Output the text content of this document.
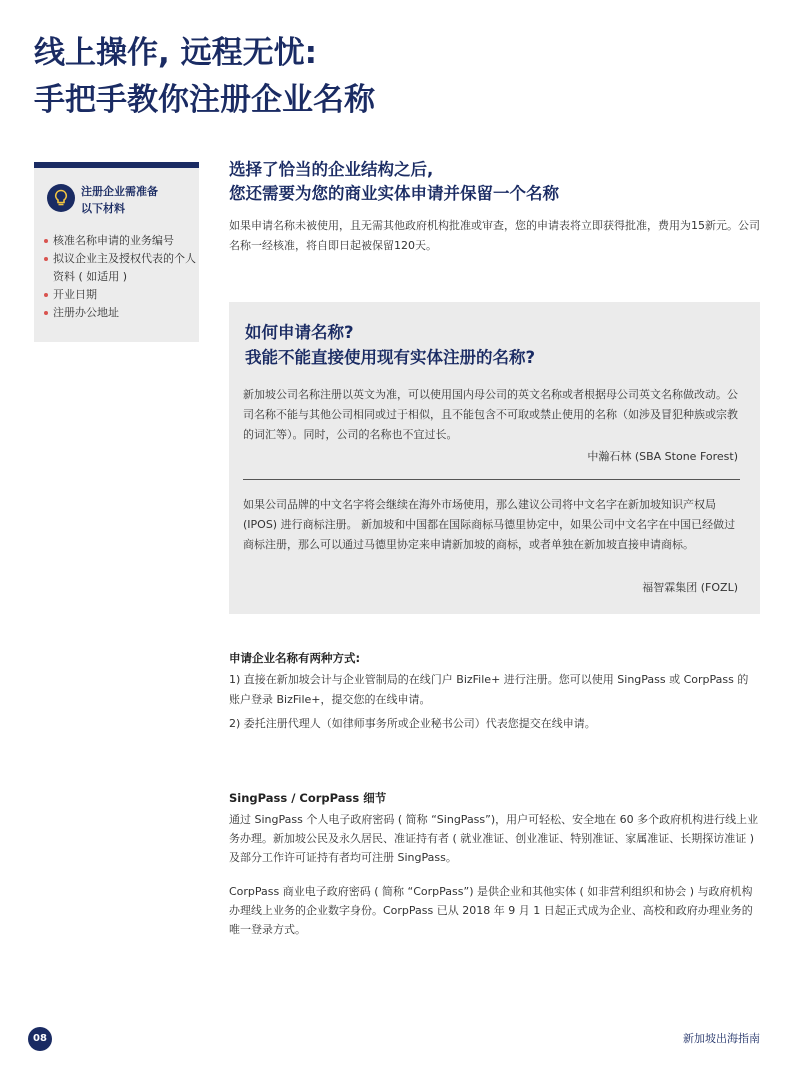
线上操作, 远程无忧:
手把手教你注册企业名称
注册企业需准备
以下材料
核准名称申请的业务编号
拟议企业主及授权代表的个人资料 ( 如适用 )
开业日期
注册办公地址
选择了恰当的企业结构之后,
您还需要为您的商业实体申请并保留一个名称

如果申请名称未被使用，且无需其他政府机构批准或审查，您的申请表将立即获得批准，费用为15新元。公司名称一经核准，将自即日起被保留120天。

如何申请名称?
我能不能直接使用现有实体注册的名称?

新加坡公司名称注册以英文为准，可以使用国内母公司的英文名称或者根据母公司英文名称做改动。公司名称不能与其他公司相同或过于相似，且不能包含不可取或禁止使用的名称（如涉及冒犯种族或宗教的词汇等）。同时，公司的名称也不宜过长。

中瀚石林 (SBA Stone Forest)

如果公司品牌的中文名字将会继续在海外市场使用，那么建议公司将中文名字在新加坡知识产权局 (IPOS) 进行商标注册。 新加坡和中国都在国际商标马德里协定中，如果公司中文名字在中国已经做过商标注册，那么可以通过马德里协定来申请新加坡的商标，或者单独在新加坡直接申请商标。

福智霖集团 (FOZL)
申请企业名称有两种方式:

1) 直接在新加坡会计与企业管制局的在线门户 BizFile+ 进行注册。您可以使用 SingPass 或 CorpPass 的账户登录 BizFile+，提交您的在线申请。

2) 委托注册代理人（如律师事务所或企业秘书公司）代表您提交在线申请。

SingPass / CorpPass 细节

通过 SingPass 个人电子政府密码 ( 简称 “SingPass”)，用户可轻松、安全地在 60 多个政府机构进行线上业务办理。新加坡公民及永久居民、准证持有者 ( 就业准证、创业准证、特别准证、家属准证、长期探访准证 ) 及部分工作许可证持有者均可注册 SingPass。

CorpPass 商业电子政府密码 ( 简称 “CorpPass”) 是供企业和其他实体 ( 如非营利组织和协会 ) 与政府机构办理线上业务的企业数字身份。CorpPass 已从 2018 年 9 月 1 日起正式成为企业、高校和政府办理业务的唯一登录方式。

08	新加坡出海指南
